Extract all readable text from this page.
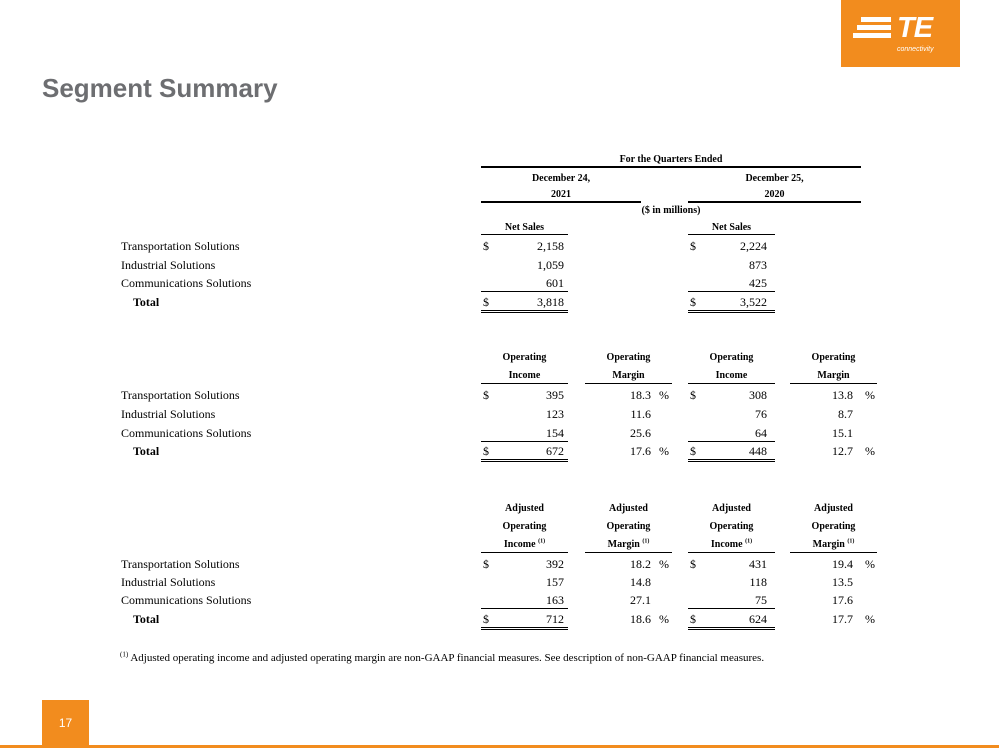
Segment Summary
TE
connectivity
For the Quarters Ended
December 24,
2021
December 25,
2020
($ in millions)
Net Sales	Net Sales
Transportation Solutions	$	2,158	$	2,224
Industrial Solutions	1,059	873
Communications Solutions	601	425
Total	$	3,818	$	3,522
Operating
Income
Operating
Margin
Operating
Income
Operating
Margin
Transportation Solutions	$	395	18.3 % $	308	13.8 %
Industrial Solutions	123	11.6	76	8.7
Communications Solutions	154	25.6	64	15.1
Total	$	672	17.6 % $	448	12.7 %
Adjusted
Operating
Income $^{(1)}$
Adjusted
Operating
Margin $^{(1)}$
Adjusted
Operating
Income $^{(1)}$
Adjusted
Operating
Margin $^{(1)}$
Transportation Solutions	$	392	18.2 % $	431	19.4 %
Industrial Solutions	157	14.8	118	13.5
Communications Solutions	163	27.1	75	17.6
Total	$	712	18.6 % $	624	17.7 %
$^{(1)}$ Adjusted operating income and adjusted operating margin are non-GAAP financial measures. See description of non-GAAP financial measures.
17
